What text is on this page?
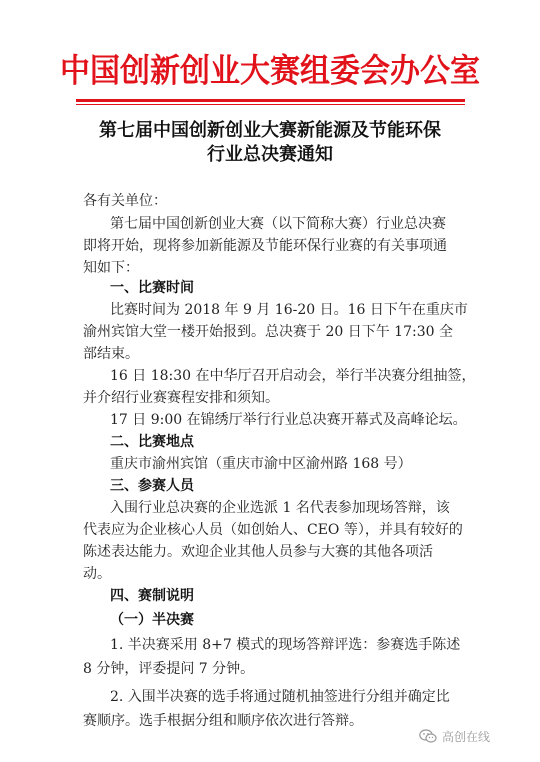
中国创新创业大赛组委会办公室
第七届中国创新创业大赛新能源及节能环保
行业总决赛通知
各有关单位：
第七届中国创新创业大赛（以下简称大赛）行业总决赛
即将开始，现将参加新能源及节能环保行业赛的有关事项通
知如下：
一、比赛时间
比赛时间为 2018 年 9 月 16-20 日。16 日下午在重庆市
渝州宾馆大堂一楼开始报到。总决赛于 20 日下午 17:30 全
部结束。
16 日 18:30 在中华厅召开启动会，举行半决赛分组抽签，
并介绍行业赛赛程安排和须知。
17 日 9:00 在锦绣厅举行行业总决赛开幕式及高峰论坛。
二、比赛地点
重庆市渝州宾馆（重庆市渝中区渝州路 168 号）
三、参赛人员
入围行业总决赛的企业选派 1 名代表参加现场答辩，该
代表应为企业核心人员（如创始人、CEO 等），并具有较好的
陈述表达能力。欢迎企业其他人员参与大赛的其他各项活
动。
四、赛制说明
（一）半决赛
1. 半决赛采用 8+7 模式的现场答辩评选：参赛选手陈述
8 分钟，评委提问 7 分钟。
2. 入围半决赛的选手将通过随机抽签进行分组并确定比
赛顺序。选手根据分组和顺序依次进行答辩。
高创在线
